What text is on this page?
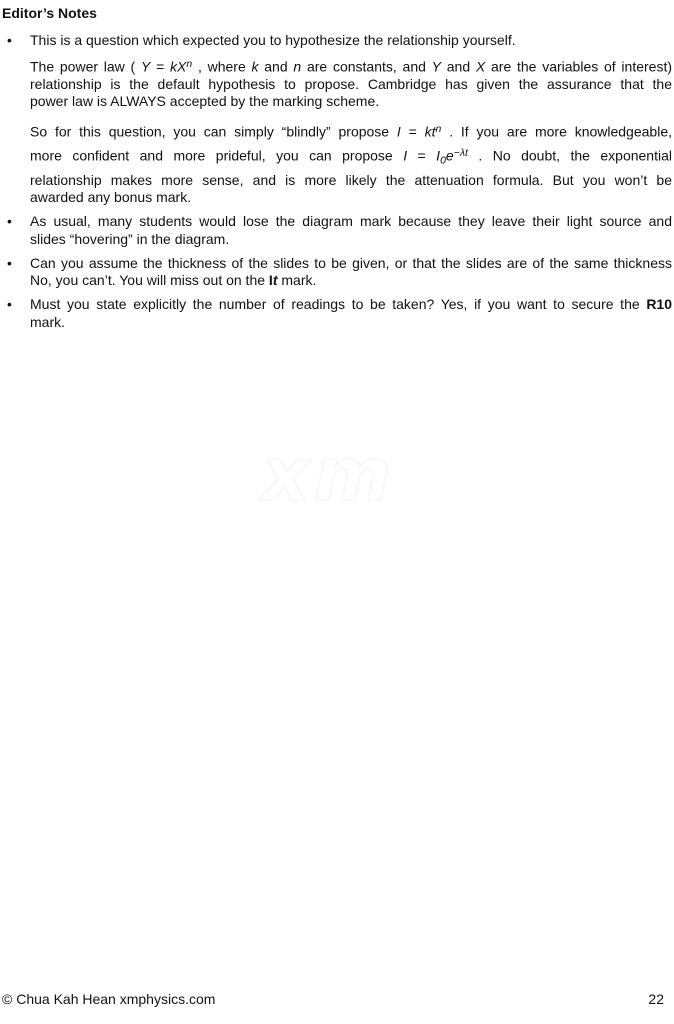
xm
Editor’s Notes
• This is a question which expected you to hypothesize the relationship yourself.
The power law ( $Y = kX^n$ , where k and n are constants, and Y and X are the variables of interest)
relationship is the default hypothesis to propose. Cambridge has given the assurance that the
power law is ALWAYS accepted by the marking scheme.
So for this question, you can simply “blindly” propose $I = kt^n$ . If you are more knowledgeable,
more confident and more prideful, you can propose $I = I_0e^{-\lambda t}$ . No doubt, the exponential
relationship makes more sense, and is more likely the attenuation formula. But you won’t be
awarded any bonus mark.
• As usual, many students would lose the diagram mark because they leave their light source and
slides “hovering” in the diagram.
• Can you assume the thickness of the slides to be given, or that the slides are of the same thickness
No, you can’t. You will miss out on the It mark.
• Must you state explicitly the number of readings to be taken? Yes, if you want to secure the R10
mark.
© Chua Kah Hean xmphysics.com	22
